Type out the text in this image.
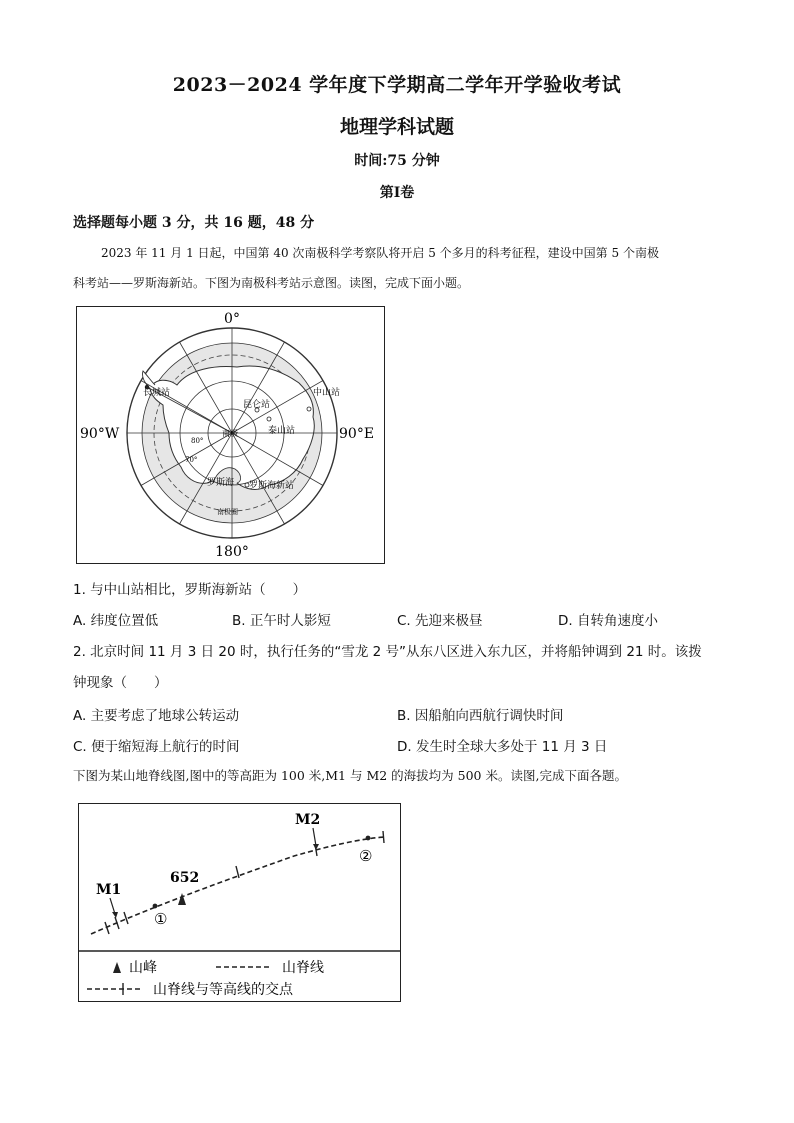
2023－2024 学年度下学期高二学年开学验收考试
地理学科试题
时间:75 分钟
第Ⅰ卷
选择题每小题 3 分，共 16 题，48 分
2023 年 11 月 1 日起，中国第 40 次南极科学考察队将开启 5 个多月的科考征程，建设中国第 5 个南极
科考站——罗斯海新站。下图为南极科考站示意图。读图，完成下面小题。
0°
90°W	90°E
180°
长城站
昆仑站
中山站
泰山站
南极
罗斯海 罗斯海新站
南极圈
80°
70°
1. 与中山站相比，罗斯海新站（　　）
A. 纬度位置低	B. 正午时人影短	C. 先迎来极昼	D. 自转角速度小
2. 北京时间 11 月 3 日 20 时，执行任务的“雪龙 2 号”从东八区进入东九区，并将船钟调到 21 时。该拨
钟现象（　　）
A. 主要考虑了地球公转运动	B. 因船舶向西航行调快时间
C. 便于缩短海上航行的时间	D. 发生时全球大多处于 11 月 3 日
下图为某山地脊线图,图中的等高距为 100 米,M1 与 M2 的海拔均为 500 米。读图,完成下面各题。
M1
M2
652
①
②
山峰	山脊线
山脊线与等高线的交点
